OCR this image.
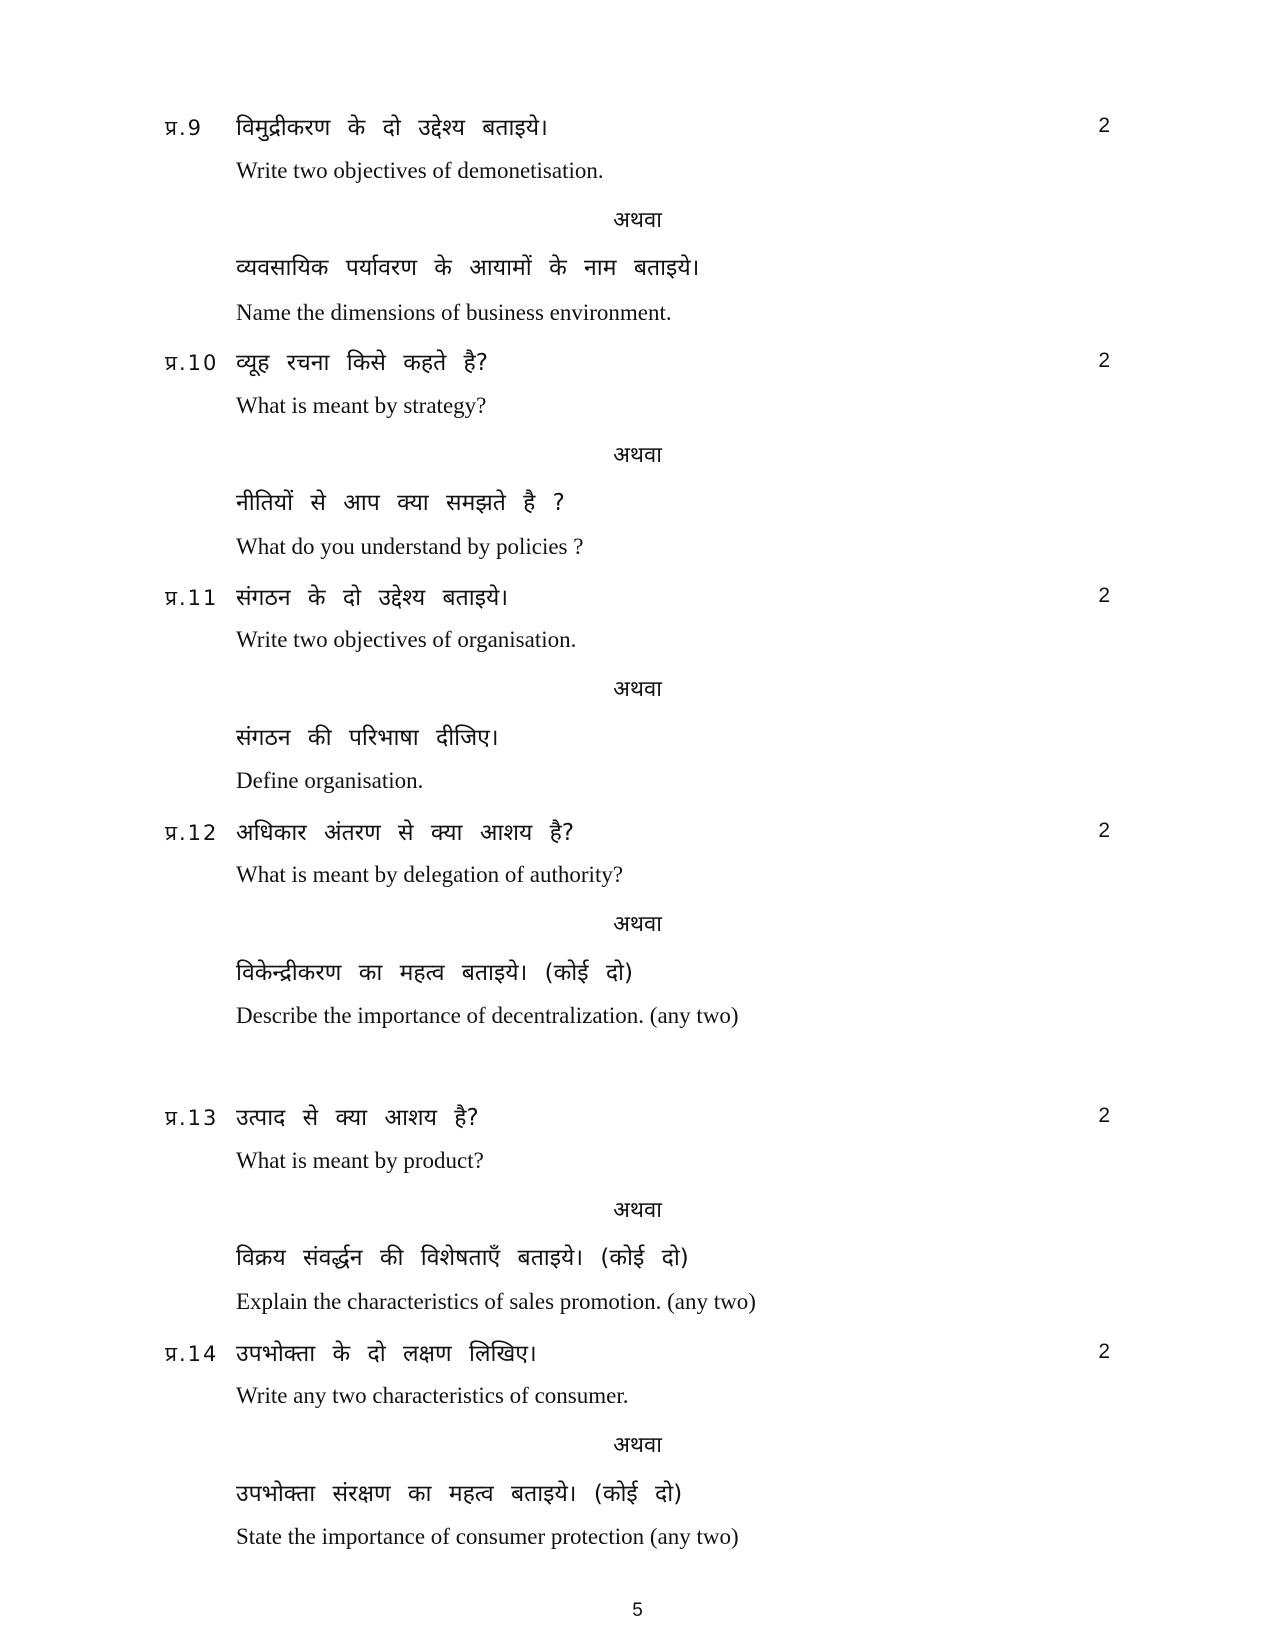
प्र.9	विमुद्रीकरण के दो उद्देश्य बताइये।	2
Write two objectives of demonetisation.
अथवा
व्यवसायिक पर्यावरण के आयामों के नाम बताइये।
Name the dimensions of business environment.
प्र.10 व्यूह रचना किसे कहते है?	2
What is meant by strategy?
अथवा
नीतियों से आप क्या समझते है ?
What do you understand by policies ?
प्र.11 संगठन के दो उद्देश्य बताइये।	2
Write two objectives of organisation.
अथवा
संगठन की परिभाषा दीजिए।
Define organisation.
प्र.12 अधिकार अंतरण से क्या आशय है?	2
What is meant by delegation of authority?
अथवा
विकेन्द्रीकरण का महत्व बताइये। (कोई दो)
Describe the importance of decentralization. (any two)
प्र.13 उत्पाद से क्या आशय है?	2
What is meant by product?
अथवा
विक्रय संवर्द्धन की विशेषताएँ बताइये। (कोई दो)
Explain the characteristics of sales promotion. (any two)
प्र.14 उपभोक्ता के दो लक्षण लिखिए।	2
Write any two characteristics of consumer.
अथवा
उपभोक्ता संरक्षण का महत्व बताइये। (कोई दो)
State the importance of consumer protection (any two)
5
